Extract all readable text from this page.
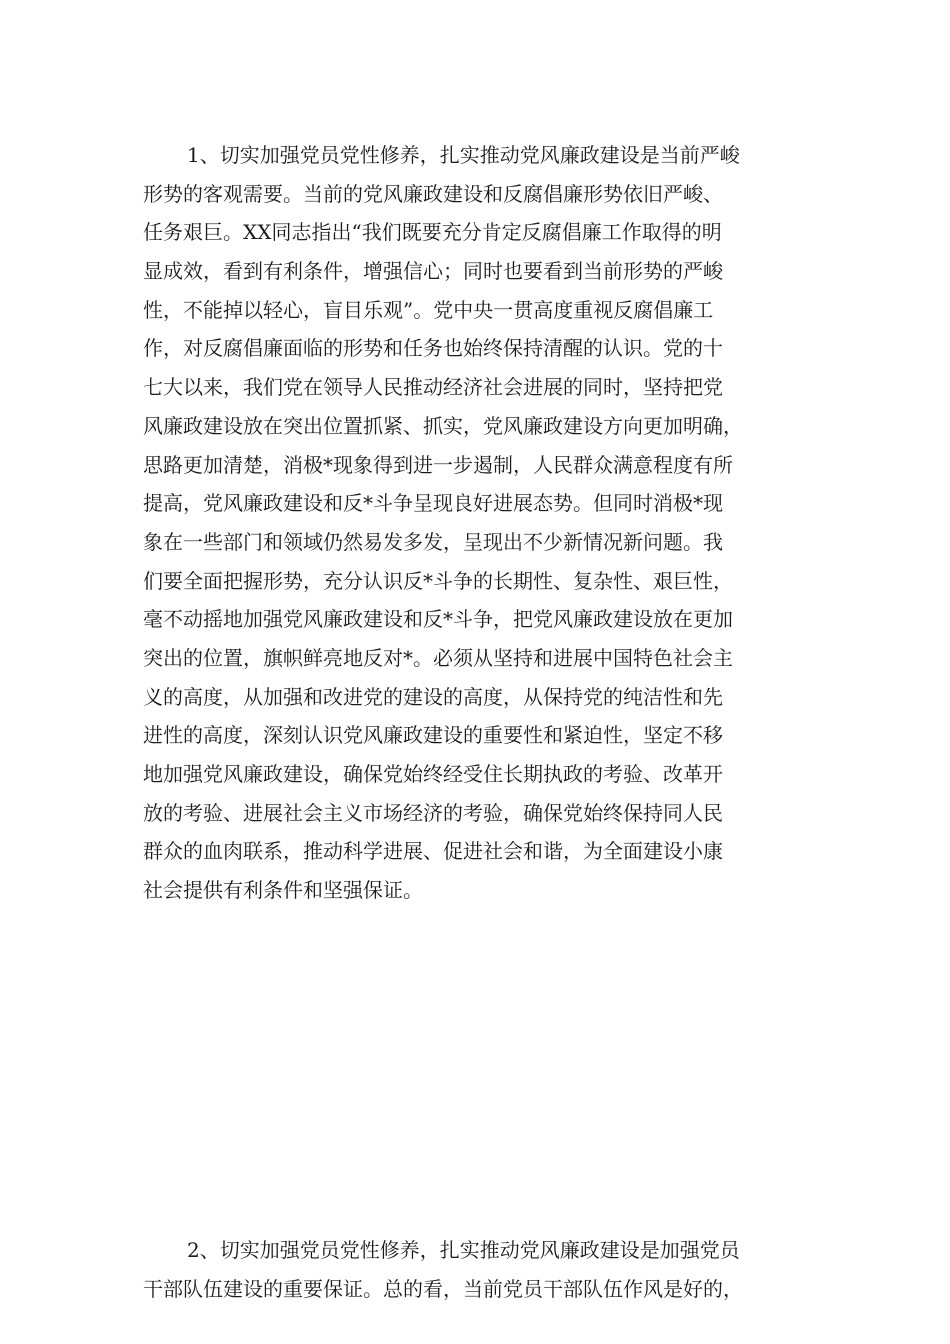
1、切实加强党员党性修养，扎实推动党风廉政建设是当前严峻
形势的客观需要。当前的党风廉政建设和反腐倡廉形势依旧严峻、
任务艰巨。XX同志指出“我们既要充分肯定反腐倡廉工作取得的明
显成效，看到有利条件，增强信心；同时也要看到当前形势的严峻
性，不能掉以轻心，盲目乐观”。党中央一贯高度重视反腐倡廉工
作，对反腐倡廉面临的形势和任务也始终保持清醒的认识。党的十
七大以来，我们党在领导人民推动经济社会进展的同时，坚持把党
风廉政建设放在突出位置抓紧、抓实，党风廉政建设方向更加明确，
思路更加清楚，消极*现象得到进一步遏制，人民群众满意程度有所
提高，党风廉政建设和反*斗争呈现良好进展态势。但同时消极*现
象在一些部门和领域仍然易发多发，呈现出不少新情况新问题。我
们要全面把握形势，充分认识反*斗争的长期性、复杂性、艰巨性，
毫不动摇地加强党风廉政建设和反*斗争，把党风廉政建设放在更加
突出的位置，旗帜鲜亮地反对*。必须从坚持和进展中国特色社会主
义的高度，从加强和改进党的建设的高度，从保持党的纯洁性和先
进性的高度，深刻认识党风廉政建设的重要性和紧迫性，坚定不移
地加强党风廉政建设，确保党始终经受住长期执政的考验、改革开
放的考验、进展社会主义市场经济的考验，确保党始终保持同人民
群众的血肉联系，推动科学进展、促进社会和谐，为全面建设小康
社会提供有利条件和坚强保证。
2、切实加强党员党性修养，扎实推动党风廉政建设是加强党员
干部队伍建设的重要保证。总的看，当前党员干部队伍作风是好的，
